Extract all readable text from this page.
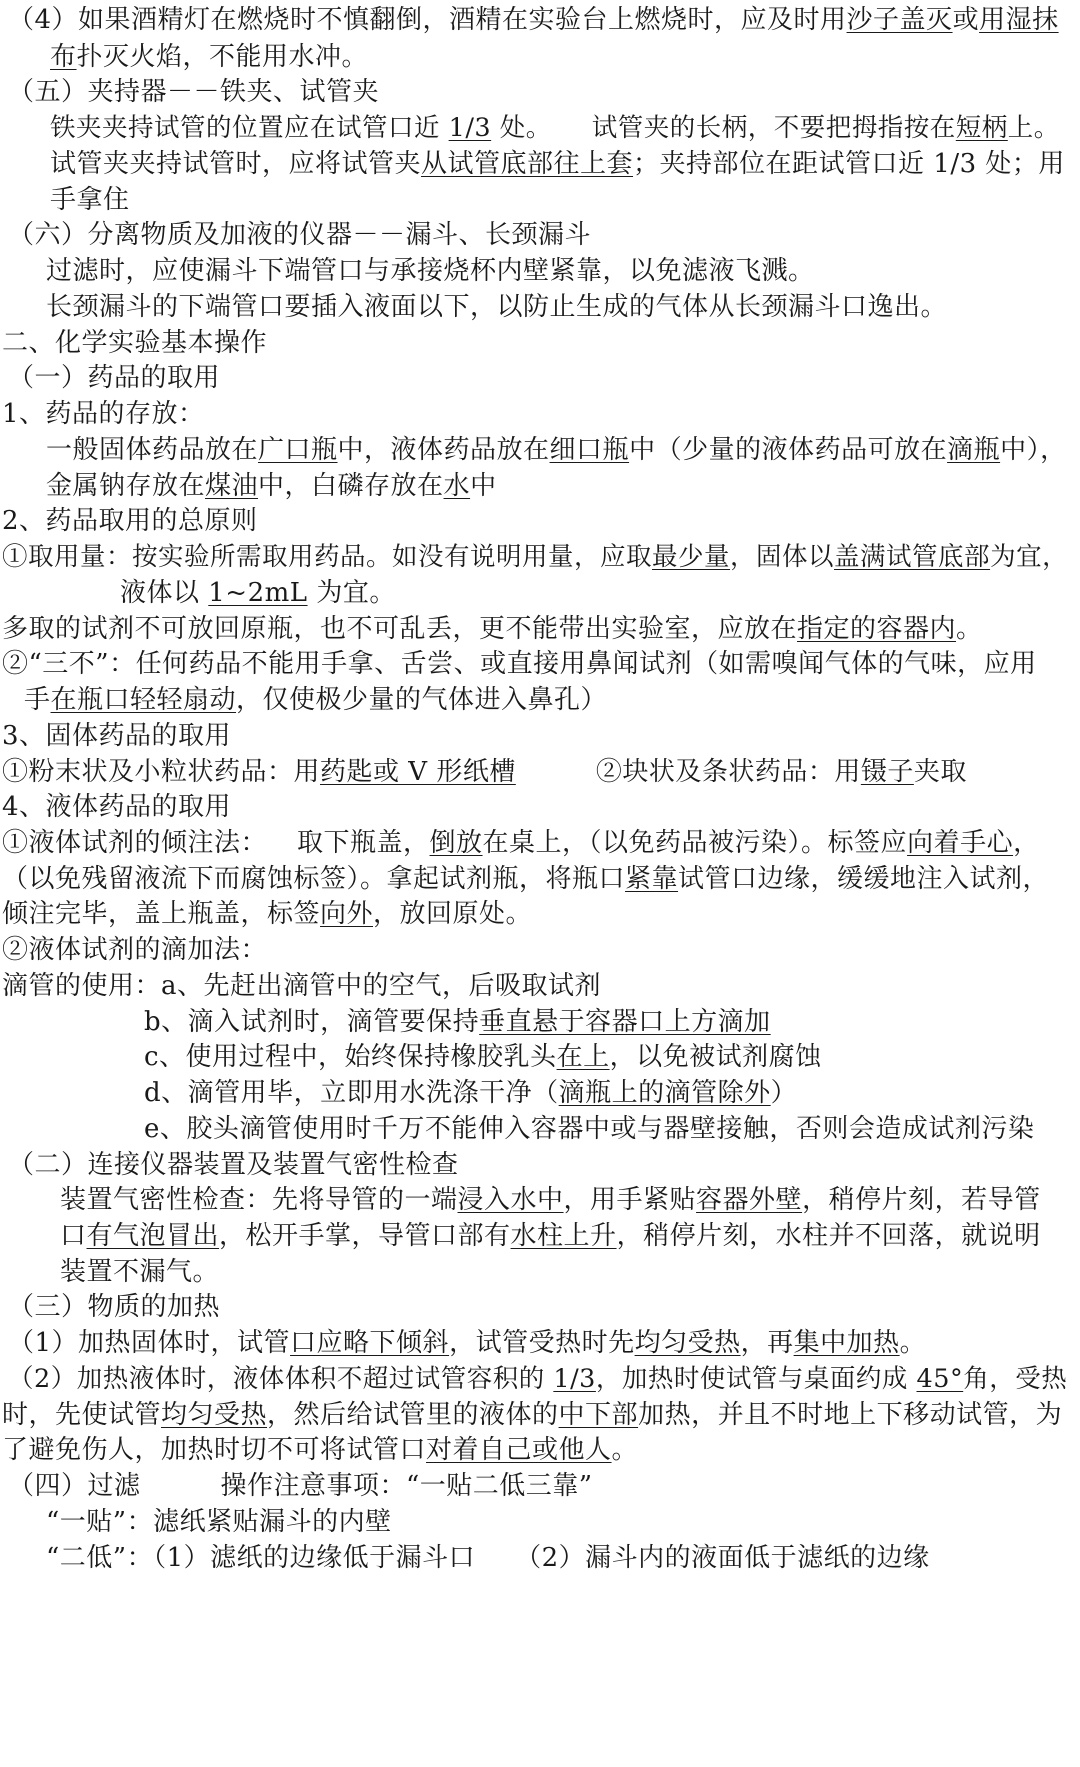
（4）如果酒精灯在燃烧时不慎翻倒，酒精在实验台上燃烧时，应及时用沙子盖灭或用湿抹
布扑灭火焰，不能用水冲。
（五）夹持器－－铁夹、试管夹
铁夹夹持试管的位置应在试管口近 1/3 处。 试管夹的长柄，不要把拇指按在短柄上。
试管夹夹持试管时，应将试管夹从试管底部往上套；夹持部位在距试管口近 1/3 处；用
手拿住
（六）分离物质及加液的仪器－－漏斗、长颈漏斗
过滤时，应使漏斗下端管口与承接烧杯内壁紧靠，以免滤液飞溅。
长颈漏斗的下端管口要插入液面以下，以防止生成的气体从长颈漏斗口逸出。
二、化学实验基本操作
（一）药品的取用
1、药品的存放：
一般固体药品放在广口瓶中，液体药品放在细口瓶中（少量的液体药品可放在滴瓶中），
金属钠存放在煤油中，白磷存放在水中
2、药品取用的总原则
①取用量：按实验所需取用药品。如没有说明用量，应取最少量，固体以盖满试管底部为宜，
液体以 1~2mL 为宜。
多取的试剂不可放回原瓶，也不可乱丢，更不能带出实验室，应放在指定的容器内。
②“三不”：任何药品不能用手拿、舌尝、或直接用鼻闻试剂（如需嗅闻气体的气味，应用
手在瓶口轻轻扇动，仅使极少量的气体进入鼻孔）
3、固体药品的取用
①粉末状及小粒状药品：用药匙或 V 形纸槽	②块状及条状药品：用镊子夹取
4、液体药品的取用
①液体试剂的倾注法： 取下瓶盖，倒放在桌上，（以免药品被污染）。标签应向着手心，
（以免残留液流下而腐蚀标签）。拿起试剂瓶，将瓶口紧靠试管口边缘，缓缓地注入试剂，
倾注完毕，盖上瓶盖，标签向外，放回原处。
②液体试剂的滴加法：
滴管的使用：a、先赶出滴管中的空气，后吸取试剂
b、滴入试剂时，滴管要保持垂直悬于容器口上方滴加
c、使用过程中，始终保持橡胶乳头在上，以免被试剂腐蚀
d、滴管用毕，立即用水洗涤干净（滴瓶上的滴管除外）
e、胶头滴管使用时千万不能伸入容器中或与器壁接触，否则会造成试剂污染
（二）连接仪器装置及装置气密性检查
装置气密性检查：先将导管的一端浸入水中，用手紧贴容器外壁，稍停片刻，若导管
口有气泡冒出，松开手掌，导管口部有水柱上升，稍停片刻，水柱并不回落，就说明
装置不漏气。
（三）物质的加热
（1）加热固体时，试管口应略下倾斜，试管受热时先均匀受热，再集中加热。
（2）加热液体时，液体体积不超过试管容积的 1/3，加热时使试管与桌面约成 45°角，受热
时，先使试管均匀受热，然后给试管里的液体的中下部加热，并且不时地上下移动试管，为
了避免伤人，加热时切不可将试管口对着自己或他人。
（四）过滤	操作注意事项：“一贴二低三靠”
“一贴”：滤纸紧贴漏斗的内壁
“二低”：（1）滤纸的边缘低于漏斗口 （2）漏斗内的液面低于滤纸的边缘
